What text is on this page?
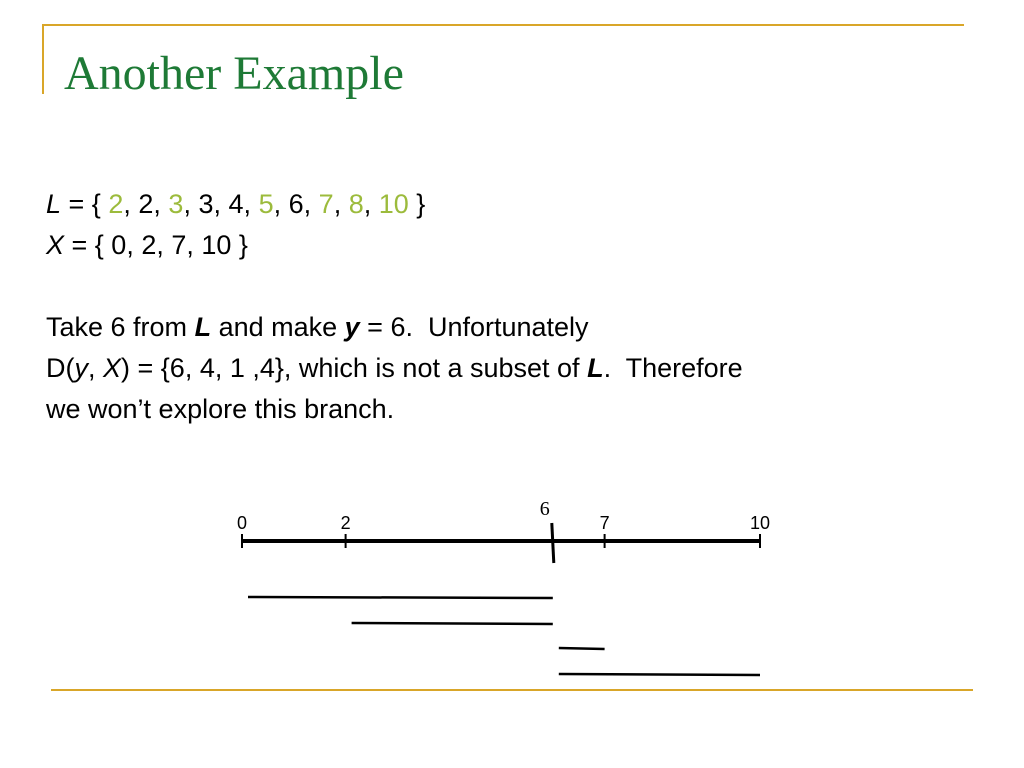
Another Example
L = { 2, 2, 3, 3, 4, 5, 6, 7, 8, 10 }
X = { 0, 2, 7, 10 }
Take 6 from L and make y = 6.  Unfortunately
D(y, X) = {6, 4, 1 ,4}, which is not a subset of L.  Therefore
we won’t explore this branch.
0	2	7	10
6
